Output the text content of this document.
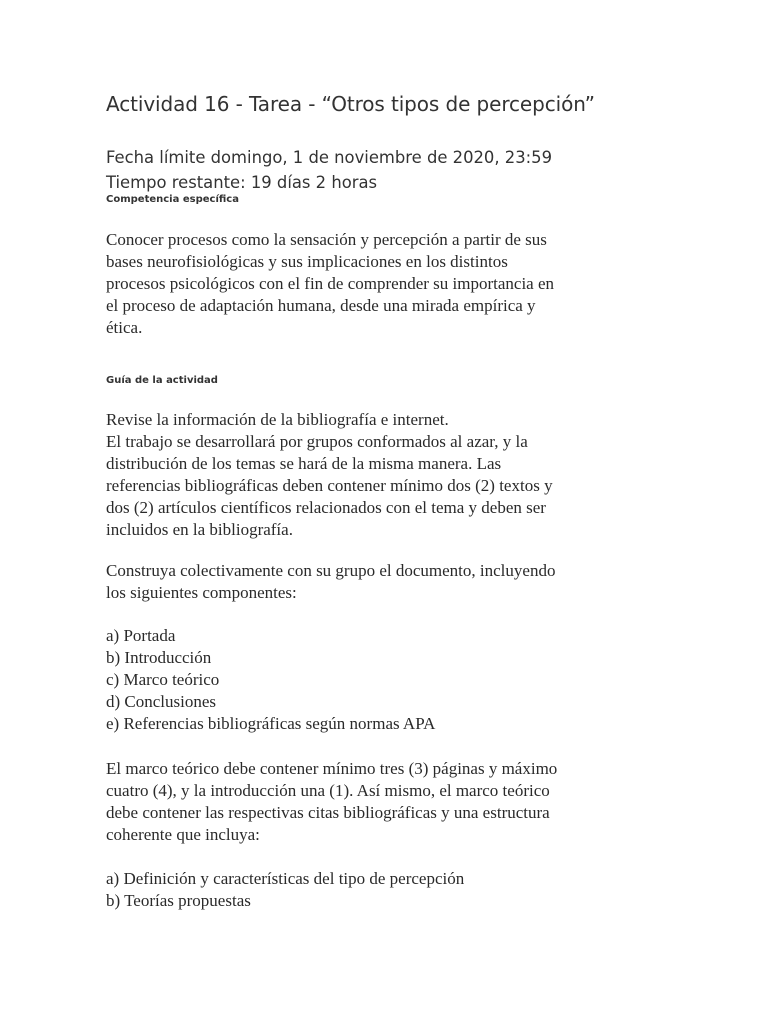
Actividad 16 - Tarea - “Otros tipos de percepción”
Fecha límite domingo, 1 de noviembre de 2020, 23:59
Tiempo restante: 19 días 2 horas
Competencia específica
Conocer procesos como la sensación y percepción a partir de sus
bases neurofisiológicas y sus implicaciones en los distintos
procesos psicológicos con el fin de comprender su importancia en
el proceso de adaptación humana, desde una mirada empírica y
ética.
Guía de la actividad
Revise la información de la bibliografía e internet.
El trabajo se desarrollará por grupos conformados al azar, y la
distribución de los temas se hará de la misma manera. Las
referencias bibliográficas deben contener mínimo dos (2) textos y
dos (2) artículos científicos relacionados con el tema y deben ser
incluidos en la bibliografía.
Construya colectivamente con su grupo el documento, incluyendo
los siguientes componentes:
a) Portada
b) Introducción
c) Marco teórico
d) Conclusiones
e) Referencias bibliográficas según normas APA
El marco teórico debe contener mínimo tres (3) páginas y máximo
cuatro (4), y la introducción una (1). Así mismo, el marco teórico
debe contener las respectivas citas bibliográficas y una estructura
coherente que incluya:
a) Definición y características del tipo de percepción
b) Teorías propuestas
